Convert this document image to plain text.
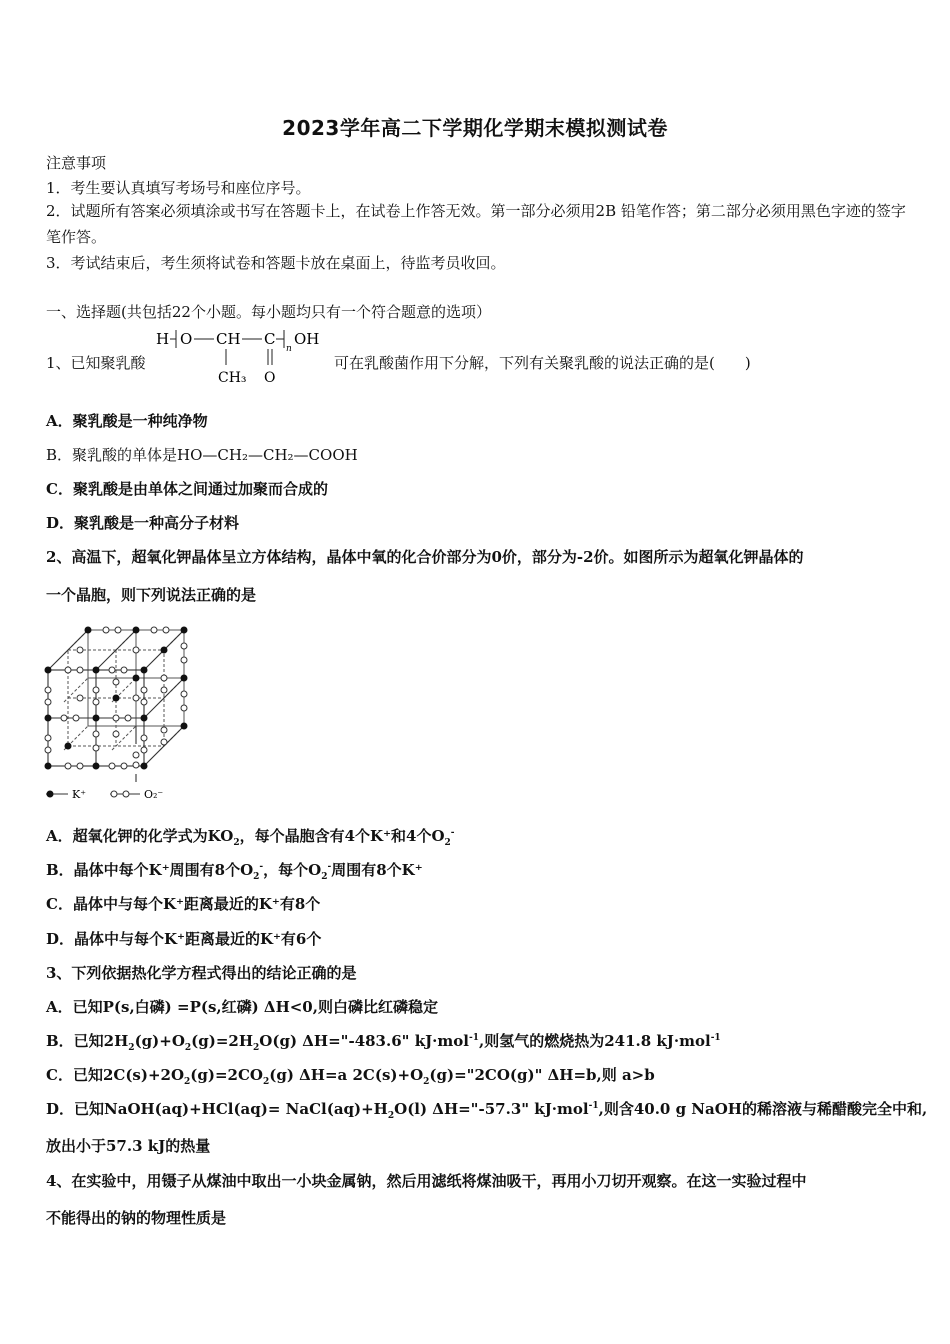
2023学年高二下学期化学期末模拟测试卷
注意事项
1．考生要认真填写考场号和座位序号。
2．试题所有答案必须填涂或书写在答题卡上，在试卷上作答无效。第一部分必须用2B 铅笔作答；第二部分必须用黑色字迹的签字笔作答。
3．考试结束后，考生须将试卷和答题卡放在桌面上，待监考员收回。
一、选择题(共包括22个小题。每小题均只有一个符合题意的选项）
1、已知聚乳酸
H O CH C
n
OH
CH₃ O
可在乳酸菌作用下分解，下列有关聚乳酸的说法正确的是(　　)
A．聚乳酸是一种纯净物
B．聚乳酸的单体是HO—CH₂—CH₂—COOH
C．聚乳酸是由单体之间通过加聚而合成的
D．聚乳酸是一种高分子材料
2、高温下，超氧化钾晶体呈立方体结构，晶体中氧的化合价部分为0价，部分为-2价。如图所示为超氧化钾晶体的
一个晶胞，则下列说法正确的是
K⁺	O₂⁻
A．超氧化钾的化学式为$KO_2$，每个晶胞含有4个K⁺和4个$O_2^-$
B．晶体中每个K⁺周围有8个$O_2^-$，每个$O_2^-$周围有8个K⁺
C．晶体中与每个K⁺距离最近的K⁺有8个
D．晶体中与每个K⁺距离最近的K⁺有6个
3、下列依据热化学方程式得出的结论正确的是
A．已知P(s,白磷) =P(s,红磷) ΔH<0,则白磷比红磷稳定
B．已知$2H_2(g)+O_2(g)=2H_2O(g)$ ΔH="-483.6" kJ·mol$^{-1}$,则氢气的燃烧热为241.8 kJ·mol$^{-1}$
C．已知$2C(s)+2O_2(g)=2CO_2(g)$ ΔH=a $2C(s)+O_2(g)="2CO(g)$" ΔH=b,则 a>b
D．已知NaOH(aq)+HCl(aq)= $NaCl(aq)+H_2O(l)$ ΔH="-57.3" kJ·mol$^{-1}$,则含40.0 g NaOH的稀溶液与稀醋酸完全中和,
放出小于57.3 kJ的热量
4、在实验中，用镊子从煤油中取出一小块金属钠，然后用滤纸将煤油吸干，再用小刀切开观察。在这一实验过程中
不能得出的钠的物理性质是
